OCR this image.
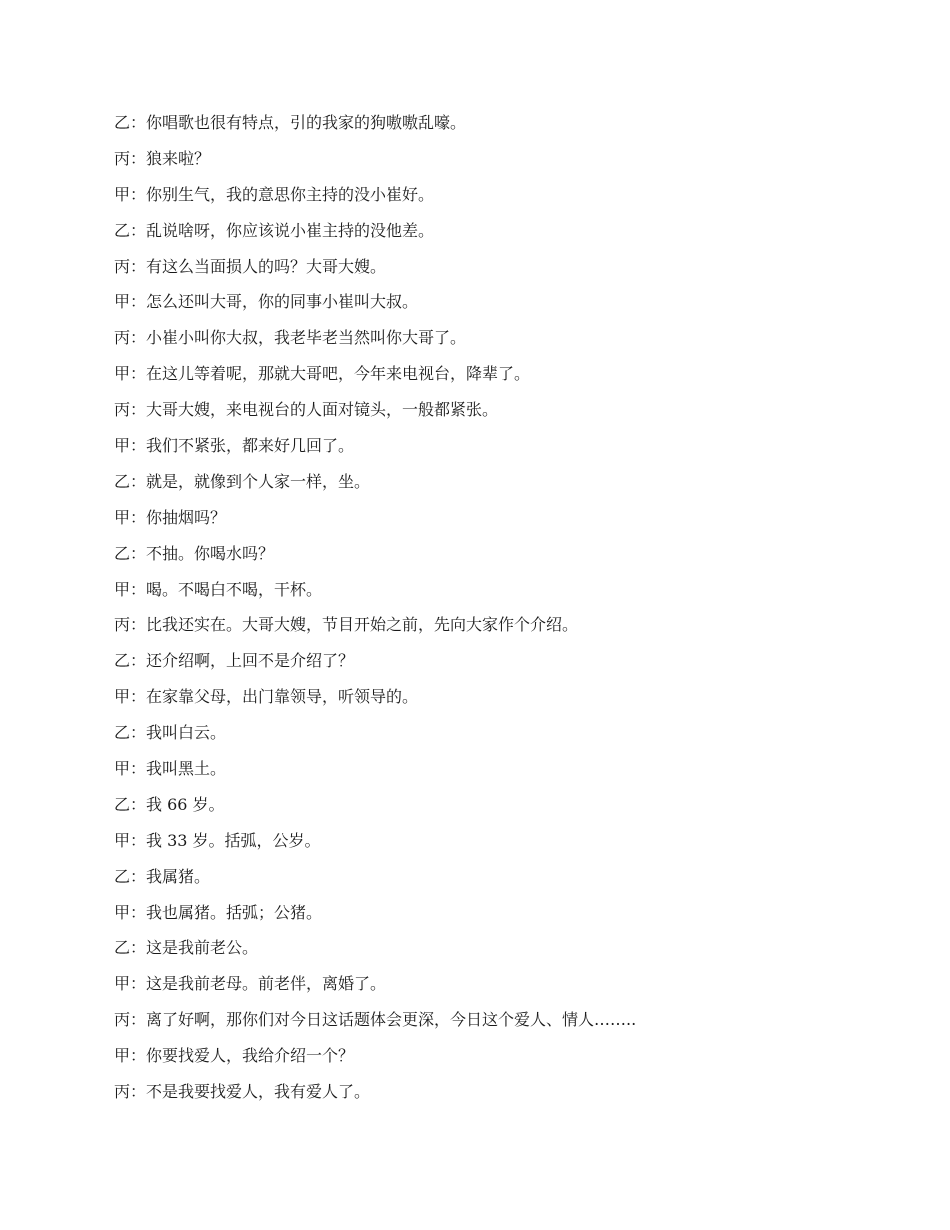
乙：你唱歌也很有特点，引的我家的狗嗷嗷乱嚎。
丙：狼来啦？
甲：你别生气，我的意思你主持的没小崔好。
乙：乱说啥呀，你应该说小崔主持的没他差。
丙：有这么当面损人的吗？大哥大嫂。
甲：怎么还叫大哥，你的同事小崔叫大叔。
丙：小崔小叫你大叔，我老毕老当然叫你大哥了。
甲：在这儿等着呢，那就大哥吧，今年来电视台，降辈了。
丙：大哥大嫂，来电视台的人面对镜头，一般都紧张。
甲：我们不紧张，都来好几回了。
乙：就是，就像到个人家一样，坐。
甲：你抽烟吗？
乙：不抽。你喝水吗？
甲：喝。不喝白不喝，干杯。
丙：比我还实在。大哥大嫂，节目开始之前，先向大家作个介绍。
乙：还介绍啊，上回不是介绍了？
甲：在家靠父母，出门靠领导，听领导的。
乙：我叫白云。
甲：我叫黑土。
乙：我 66 岁。
甲：我 33 岁。括弧，公岁。
乙：我属猪。
甲：我也属猪。括弧；公猪。
乙：这是我前老公。
甲：这是我前老母。前老伴，离婚了。
丙：离了好啊，那你们对今日这话题体会更深，今日这个爱人、情人……..
甲：你要找爱人，我给介绍一个？
丙：不是我要找爱人，我有爱人了。
